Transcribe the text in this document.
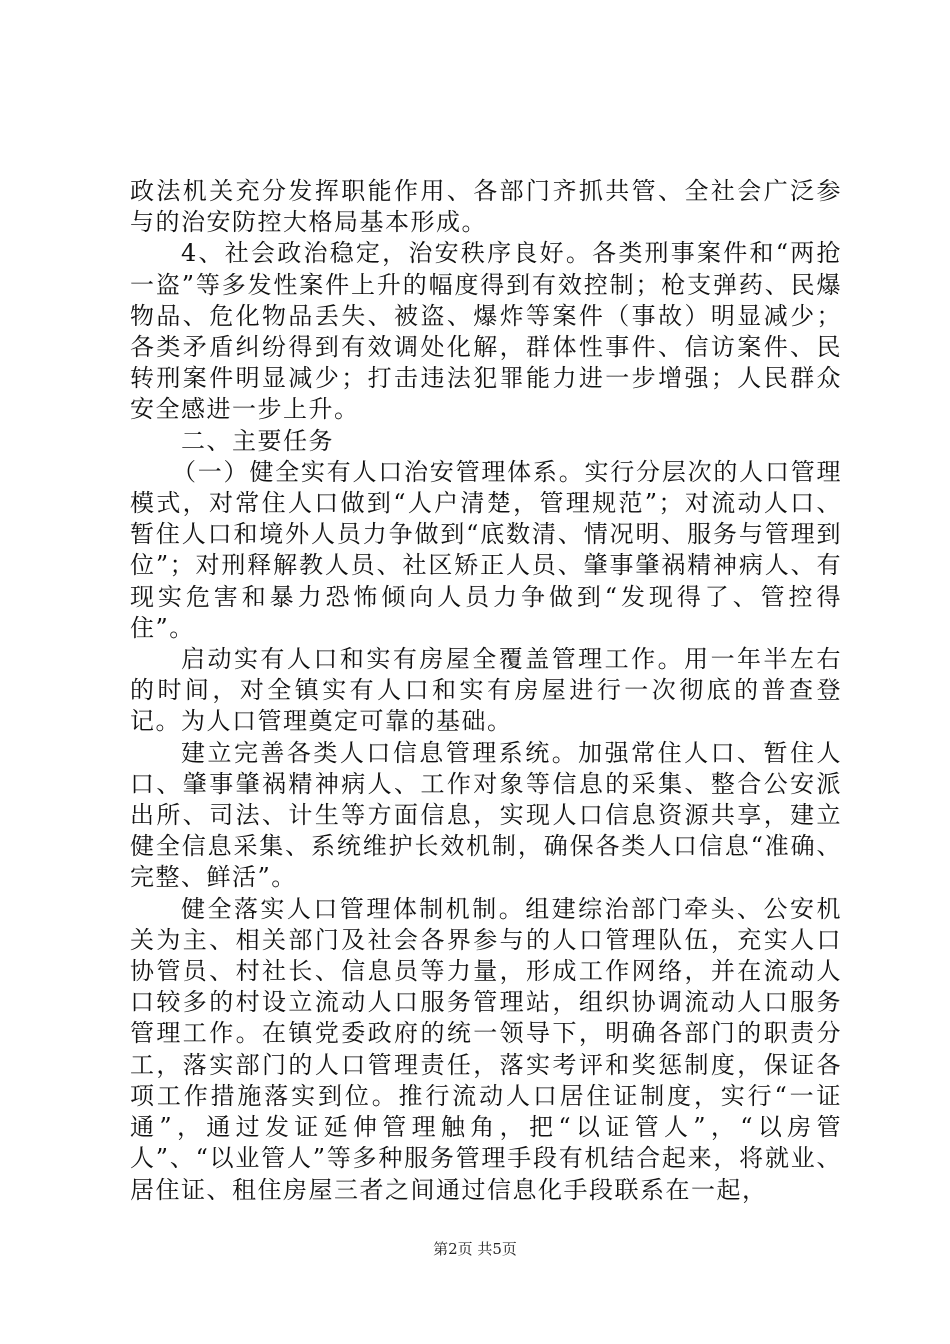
政法机关充分发挥职能作用、各部门齐抓共管、全社会广泛参与的治安防控大格局基本形成。

4、社会政治稳定，治安秩序良好。各类刑事案件和“两抢一盗”等多发性案件上升的幅度得到有效控制；枪支弹药、民爆物品、危化物品丢失、被盗、爆炸等案件（事故）明显减少；各类矛盾纠纷得到有效调处化解，群体性事件、信访案件、民转刑案件明显减少；打击违法犯罪能力进一步增强；人民群众安全感进一步上升。

二、主要任务

（一）健全实有人口治安管理体系。实行分层次的人口管理模式，对常住人口做到“人户清楚，管理规范”；对流动人口、暂住人口和境外人员力争做到“底数清、情况明、服务与管理到位”；对刑释解教人员、社区矫正人员、肇事肇祸精神病人、有现实危害和暴力恐怖倾向人员力争做到“发现得了、管控得住”。

启动实有人口和实有房屋全覆盖管理工作。用一年半左右的时间，对全镇实有人口和实有房屋进行一次彻底的普查登记。为人口管理奠定可靠的基础。

建立完善各类人口信息管理系统。加强常住人口、暂住人口、肇事肇祸精神病人、工作对象等信息的采集、整合公安派出所、司法、计生等方面信息，实现人口信息资源共享，建立健全信息采集、系统维护长效机制，确保各类人口信息“准确、完整、鲜活”。

健全落实人口管理体制机制。组建综治部门牵头、公安机关为主、相关部门及社会各界参与的人口管理队伍，充实人口协管员、村社长、信息员等力量，形成工作网络，并在流动人口较多的村设立流动人口服务管理站，组织协调流动人口服务管理工作。在镇党委政府的统一领导下，明确各部门的职责分工，落实部门的人口管理责任，落实考评和奖惩制度，保证各项工作措施落实到位。推行流动人口居住证制度，实行“一证通”，通过发证延伸管理触角，把“以证管人”，“以房管人”、“以业管人”等多种服务管理手段有机结合起来，将就业、居住证、租住房屋三者之间通过信息化手段联系在一起，

第2页 共5页
